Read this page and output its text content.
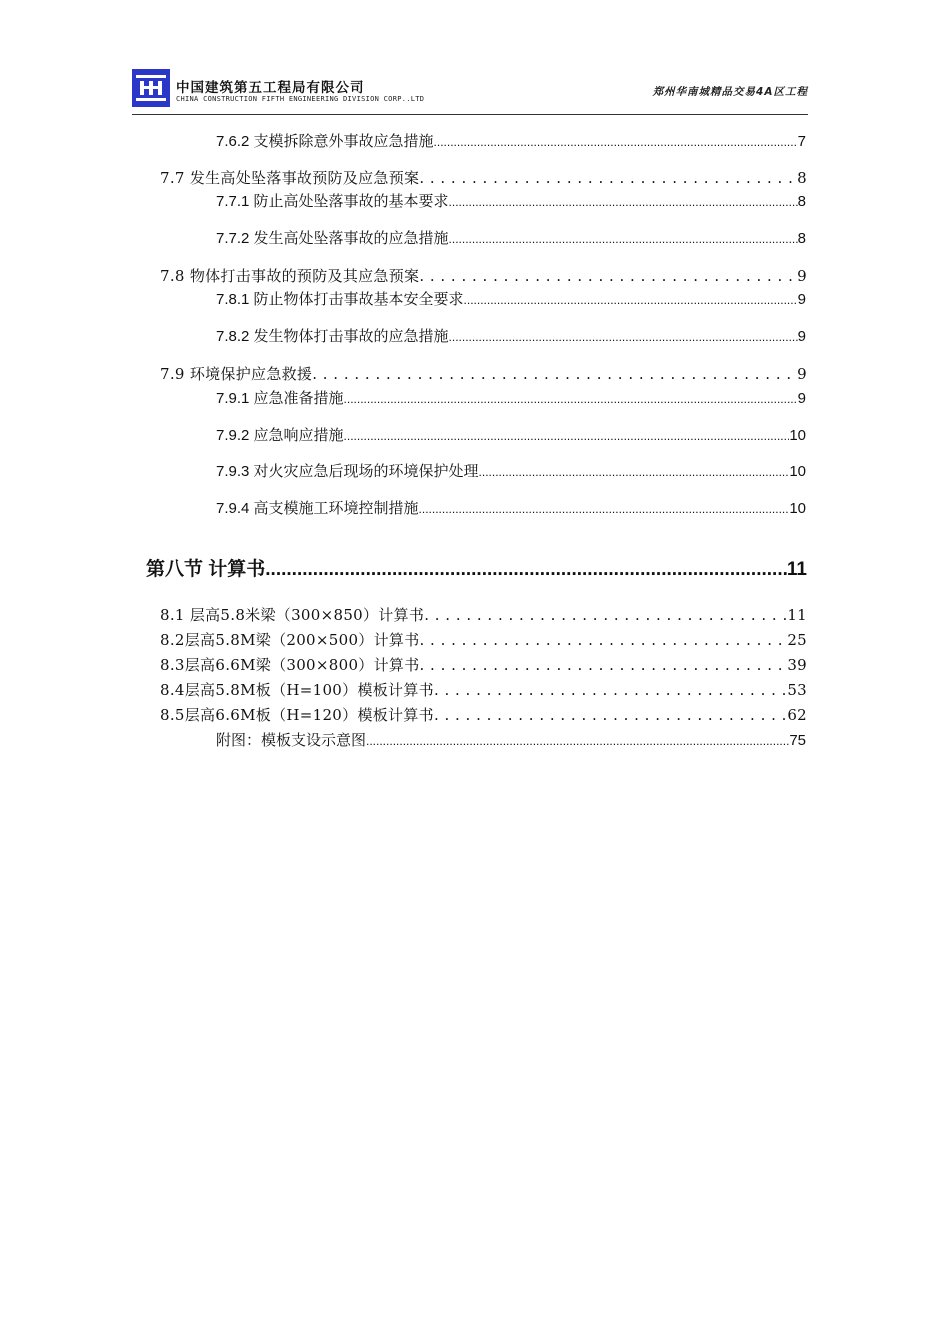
中国建筑第五工程局有限公司
CHINA CONSTRUCTION FIFTH ENGINEERING DIVISION CORP..LTD
郑州华南城精品交易4A区工程
7.6.2 支模拆除意外事故应急措施 .....	7
7.7 发生高处坠落事故预防及应急预案 . . .	8
7.7.1 防止高处坠落事故的基本要求 .....	8
7.7.2 发生高处坠落事故的应急措施 .....	8
7.8 物体打击事故的预防及其应急预案 . . .	9
7.8.1 防止物体打击事故基本安全要求 .....	9
7.8.2 发生物体打击事故的应急措施 .....	9
7.9 环境保护应急救援 . . .	9
7.9.1 应急准备措施 .....	9
7.9.2 应急响应措施 .....	10
7.9.3 对火灾应急后现场的环境保护处理 .....	10
7.9.4 高支模施工环境控制措施 .....	10
第八节 计算书 .....	11
8.1 层高5.8米梁（300×850）计算书 . . .	11
8.2层高5.8M梁（200×500）计算书 . . .	25
8.3层高6.6M梁（300×800）计算书 . . .	39
8.4层高5.8M板（H=100）模板计算书 . . .	53
8.5层高6.6M板（H=120）模板计算书 . . .	62
附图：模板支设示意图 .....	75
